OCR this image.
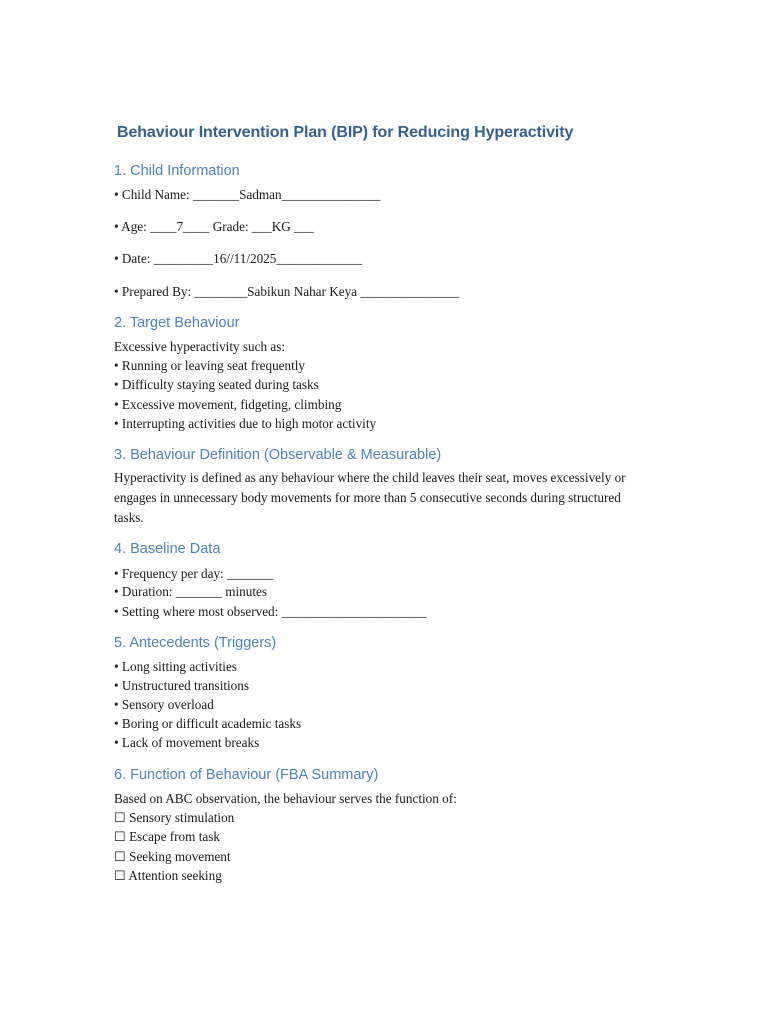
Behaviour Intervention Plan (BIP) for Reducing Hyperactivity
1. Child Information
• Child Name: _______Sadman_______________
• Age: ____7____ Grade: ___KG ___
• Date: _________16//11/2025_____________
• Prepared By: ________Sabikun Nahar Keya _______________
2. Target Behaviour
Excessive hyperactivity such as:
• Running or leaving seat frequently
• Difficulty staying seated during tasks
• Excessive movement, fidgeting, climbing
• Interrupting activities due to high motor activity
3. Behaviour Definition (Observable & Measurable)

Hyperactivity is defined as any behaviour where the child leaves their seat, moves excessively or engages in unnecessary body movements for more than 5 consecutive seconds during structured tasks.

4. Baseline Data
• Frequency per day: _______
• Duration: _______ minutes
• Setting where most observed: ______________________
5. Antecedents (Triggers)
• Long sitting activities
• Unstructured transitions
• Sensory overload
• Boring or difficult academic tasks
• Lack of movement breaks
6. Function of Behaviour (FBA Summary)
Based on ABC observation, the behaviour serves the function of:
☐ Sensory stimulation
☐ Escape from task
☐ Seeking movement
☐ Attention seeking
